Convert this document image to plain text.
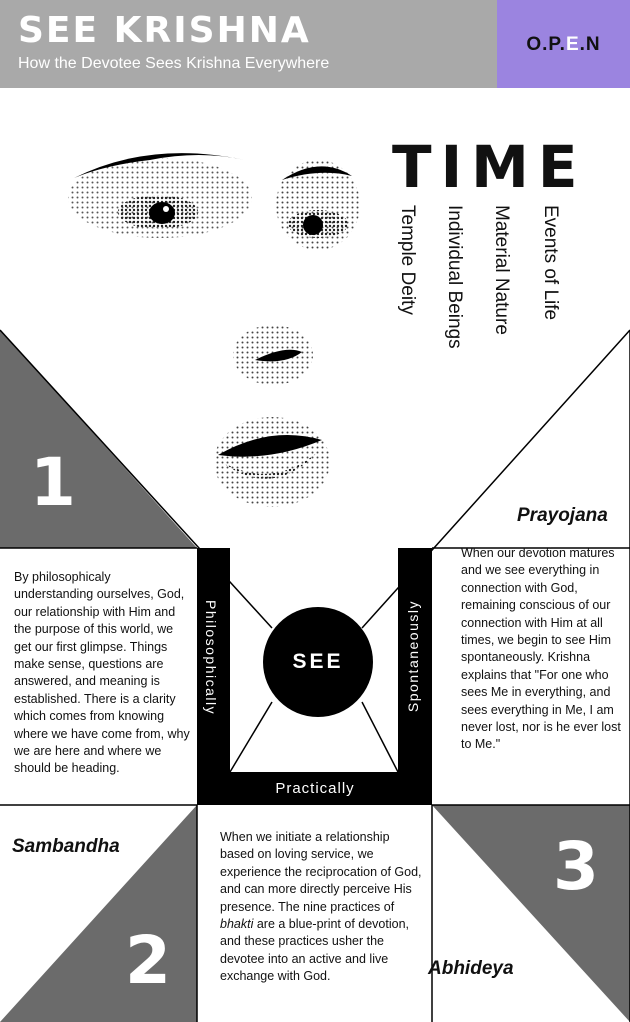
SEE KRISHNA
How the Devotee Sees Krishna Everywhere
O.P.E.N
TIME
Events of Life
Material Nature
Individual Beings
Temple Deity
1
2
3
Prayojana
Sambandha
Abhideya
By philosophicaly understanding ourselves, God, our relationship with Him and the purpose of this world, we get our first glimpse. Things make sense, questions are answered, and meaning is established. There is a clarity which comes from knowing where we have come from, why we are here and where we should be heading.
When our devotion matures and we see everything in connection with God, remaining conscious of our connection with Him at all times, we begin to see Him spontaneously. Krishna explains that "For one who sees Me in everything, and sees everything in Me, I am never lost, nor is he ever lost to Me."
When we initiate a relationship based on loving service, we experience the reciprocation of God, and can more directly perceive His presence. The nine practices of bhakti are a blue-print of devotion, and these practices usher the devotee into an active and live exchange with God.
SEE
Philosophically	Spontaneously
Practically
